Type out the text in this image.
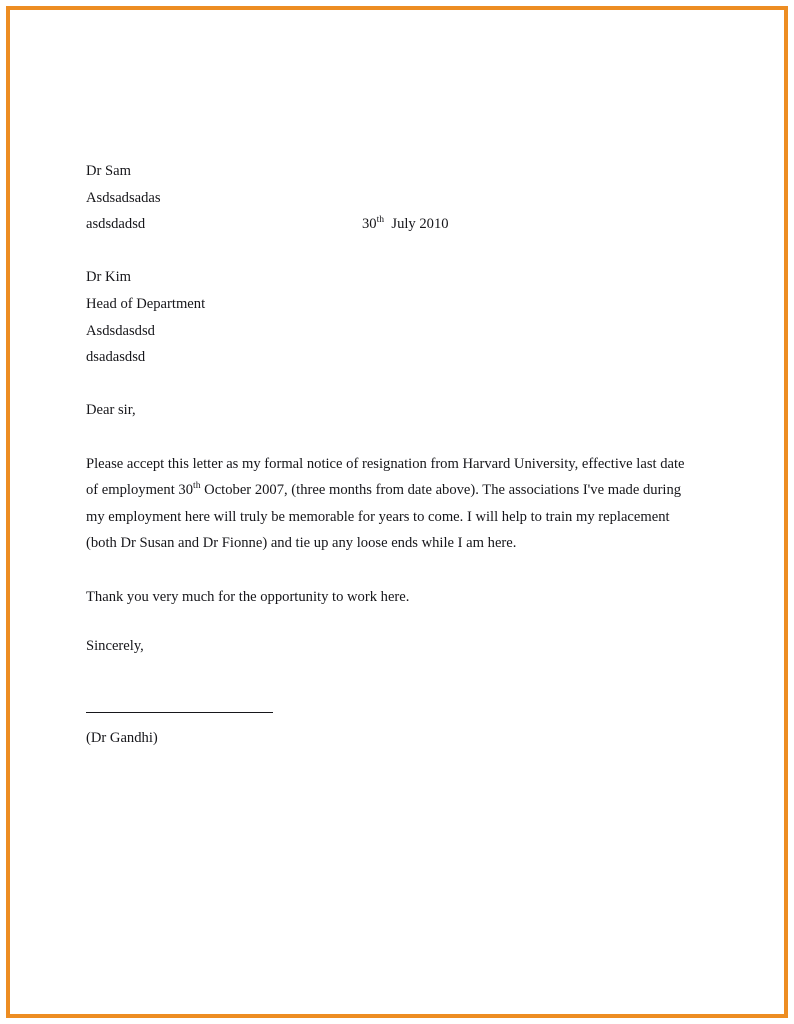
Dr Sam
Asdsadsadas
asdsdadsd	30th  July 2010
Dr Kim
Head of Department
Asdsdasdsd
dsadasdsd
Dear sir,
Please accept this letter as my formal notice of resignation from Harvard University, effective last date of employment 30th October 2007, (three months from date above). The associations I've made during my employment here will truly be memorable for years to come. I will help to train my replacement (both Dr Susan and Dr Fionne) and tie up any loose ends while I am here.
Thank you very much for the opportunity to work here.
Sincerely,
(Dr Gandhi)
